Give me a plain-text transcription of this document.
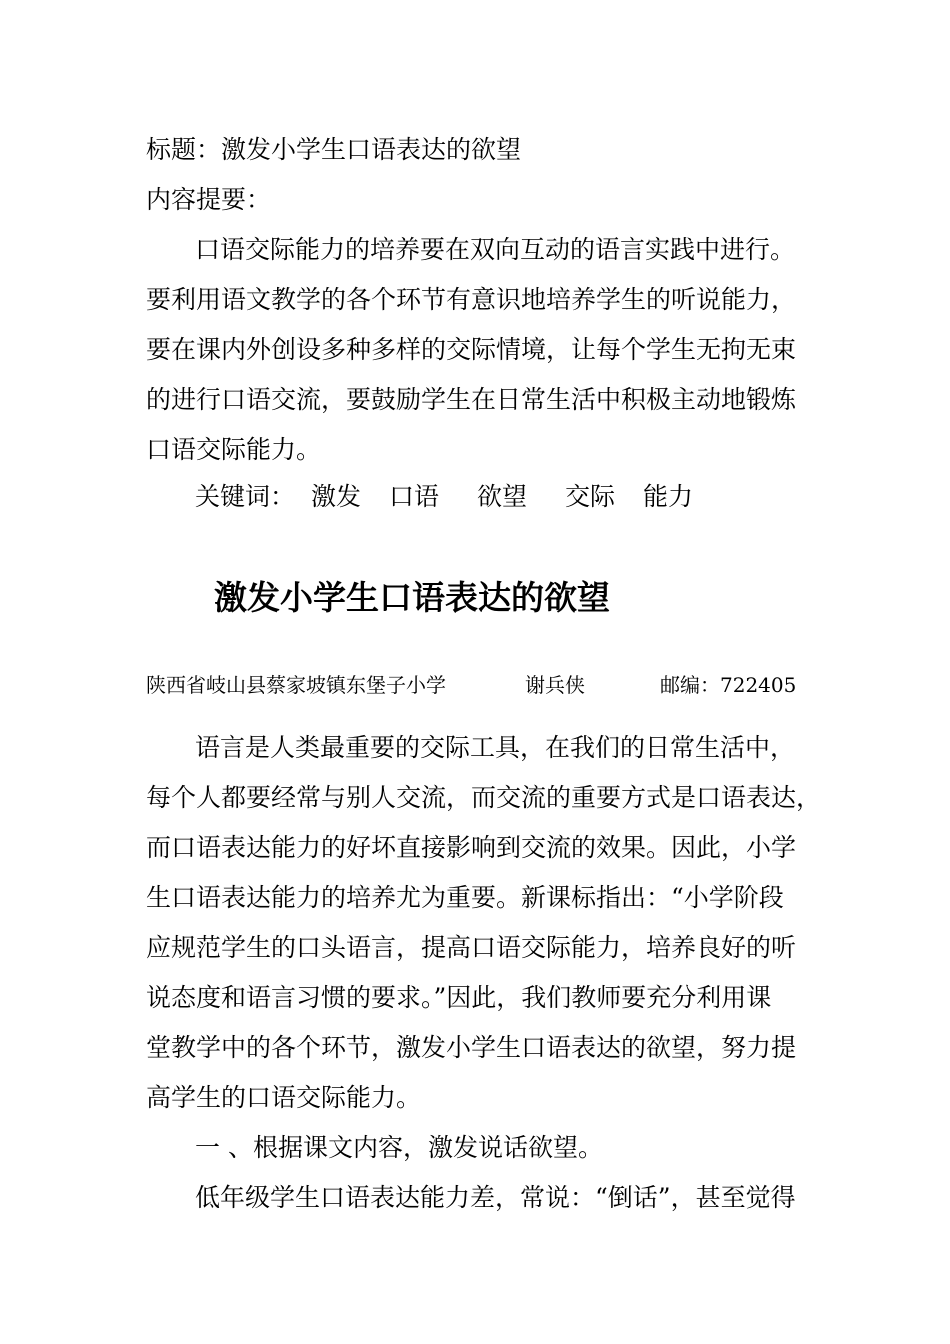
标题：激发小学生口语表达的欲望
内容提要：
口语交际能力的培养要在双向互动的语言实践中进行。
要利用语文教学的各个环节有意识地培养学生的听说能力，
要在课内外创设多种多样的交际情境，让每个学生无拘无束
的进行口语交流，要鼓励学生在日常生活中积极主动地锻炼
口语交际能力。
关键词： 激发 口语 欲望 交际 能力
激发小学生口语表达的欲望
陕西省岐山县蔡家坡镇东堡子小学	谢兵侠	邮编：722405
语言是人类最重要的交际工具，在我们的日常生活中，
每个人都要经常与别人交流，而交流的重要方式是口语表达，
而口语表达能力的好坏直接影响到交流的效果。因此，小学
生口语表达能力的培养尤为重要。新课标指出：“小学阶段
应规范学生的口头语言，提高口语交际能力，培养良好的听
说态度和语言习惯的要求。”因此，我们教师要充分利用课
堂教学中的各个环节，激发小学生口语表达的欲望，努力提
高学生的口语交际能力。
一 、根据课文内容，激发说话欲望。
低年级学生口语表达能力差，常说：“倒话”，甚至觉得
